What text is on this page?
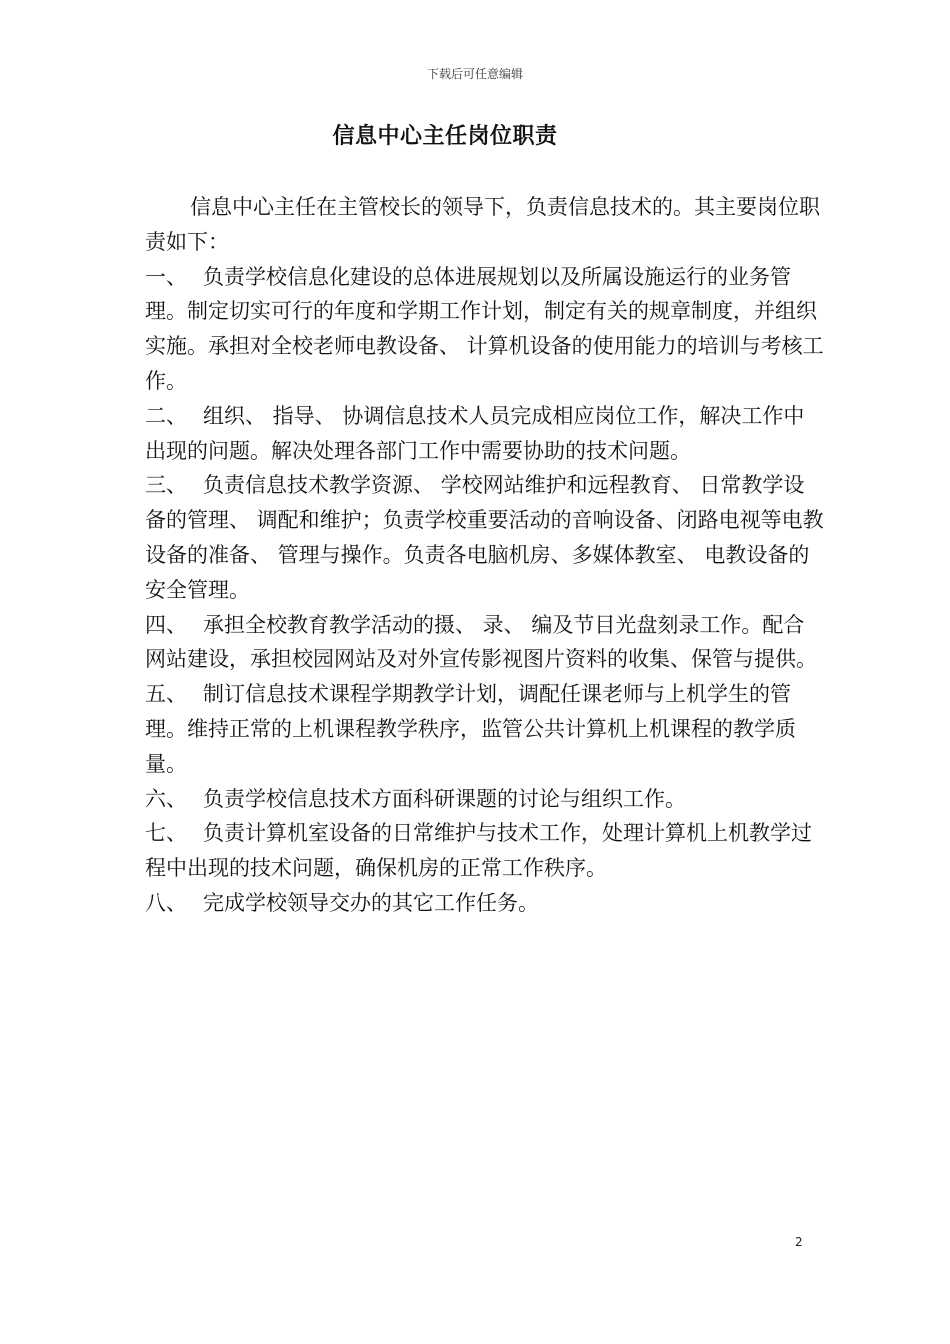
下载后可任意编辑
信息中心主任岗位职责

信息中心主任在主管校长的领导下，负责信息技术的。其主要岗位职责如下：

一、 负责学校信息化建设的总体进展规划以及所属设施运行的业务管理。制定切实可行的年度和学期工作计划，制定有关的规章制度，并组织实施。承担对全校老师电教设备、 计算机设备的使用能力的培训与考核工作。

二、 组织、 指导、 协调信息技术人员完成相应岗位工作，解决工作中出现的问题。解决处理各部门工作中需要协助的技术问题。

三、 负责信息技术教学资源、 学校网站维护和远程教育、 日常教学设备的管理、 调配和维护；负责学校重要活动的音响设备、闭路电视等电教设备的准备、 管理与操作。负责各电脑机房、多媒体教室、 电教设备的安全管理。

四、 承担全校教育教学活动的摄、 录、 编及节目光盘刻录工作。配合网站建设，承担校园网站及对外宣传影视图片资料的收集、保管与提供。

五、 制订信息技术课程学期教学计划，调配任课老师与上机学生的管理。维持正常的上机课程教学秩序，监管公共计算机上机课程的教学质量。

六、 负责学校信息技术方面科研课题的讨论与组织工作。

七、 负责计算机室设备的日常维护与技术工作，处理计算机上机教学过程中出现的技术问题，确保机房的正常工作秩序。

八、 完成学校领导交办的其它工作任务。

2
